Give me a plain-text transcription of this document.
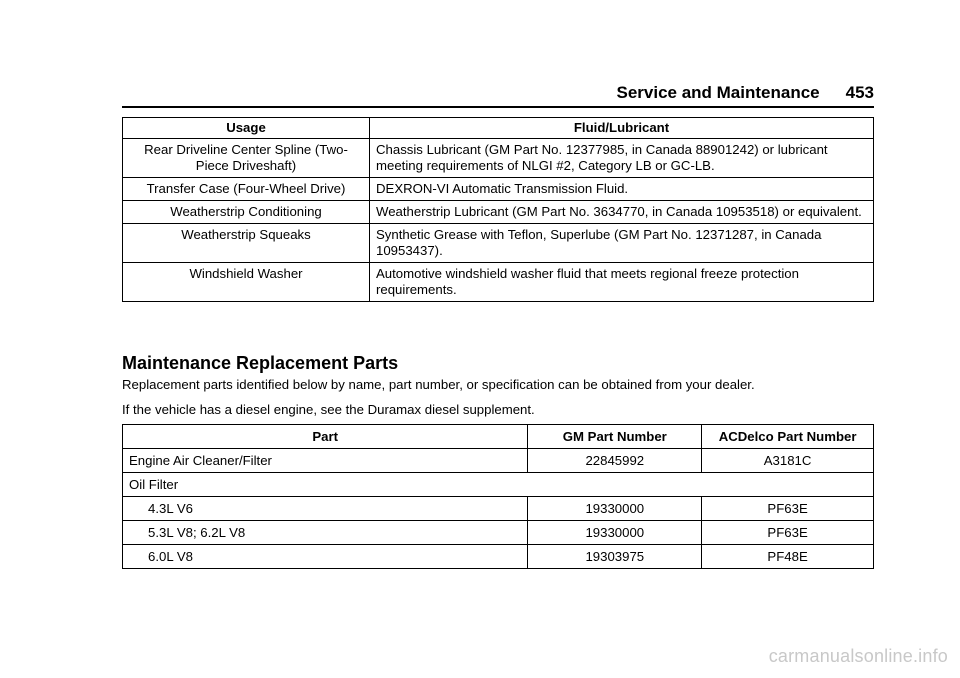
Service and Maintenance 453
Usage	Fluid/Lubricant
Rear Driveline Center Spline (Two-Piece Driveshaft)	Chassis Lubricant (GM Part No. 12377985, in Canada 88901242) or lubricant meeting requirements of NLGI #2, Category LB or GC-LB.
Transfer Case (Four-Wheel Drive)	DEXRON-VI Automatic Transmission Fluid.
Weatherstrip Conditioning	Weatherstrip Lubricant (GM Part No. 3634770, in Canada 10953518) or equivalent.
Weatherstrip Squeaks	Synthetic Grease with Teflon, Superlube (GM Part No. 12371287, in Canada 10953437).
Windshield Washer	Automotive windshield washer fluid that meets regional freeze protection requirements.
Maintenance Replacement Parts
Replacement parts identified below by name, part number, or specification can be obtained from your dealer.
If the vehicle has a diesel engine, see the Duramax diesel supplement.
Part	GM Part Number	ACDelco Part Number
Engine Air Cleaner/Filter	22845992	A3181C
Oil Filter		
4.3L V6	19330000	PF63E
5.3L V8; 6.2L V8	19330000	PF63E
6.0L V8	19303975	PF48E
carmanualsonline.info
